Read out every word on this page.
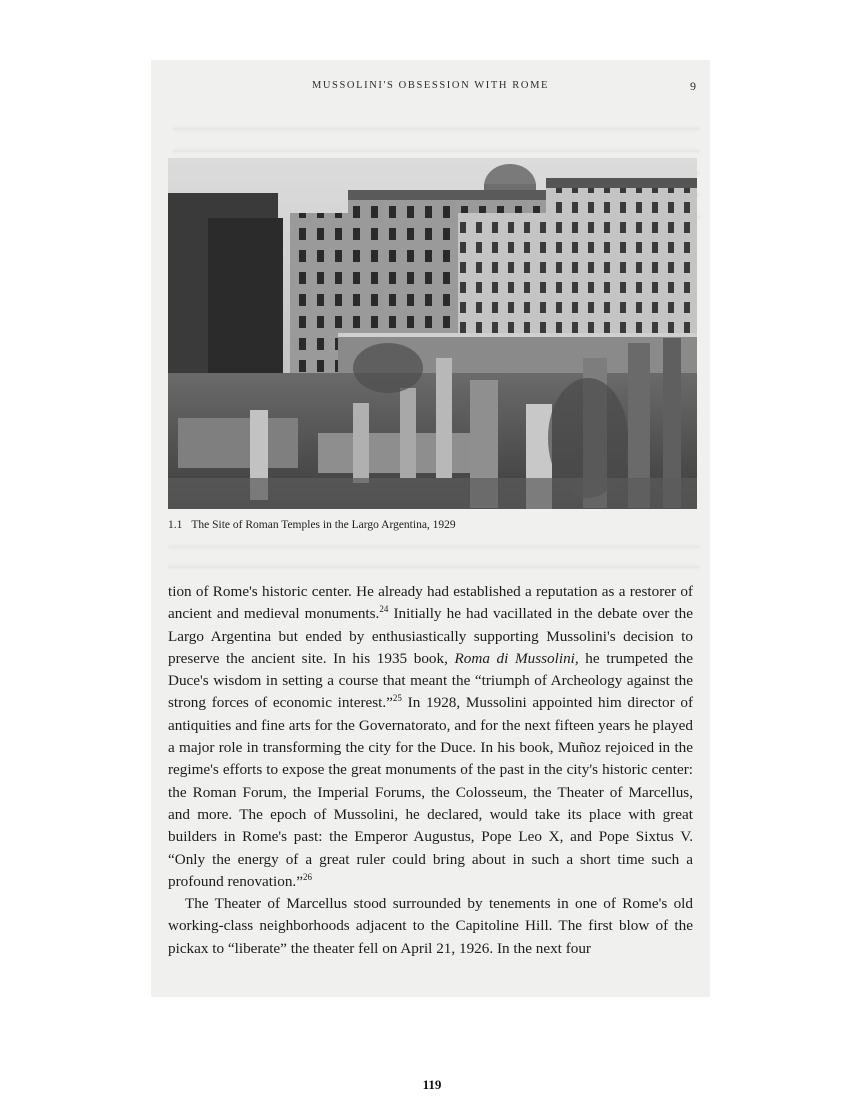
MUSSOLINI'S OBSESSION WITH ROME	9
1.1 The Site of Roman Temples in the Largo Argentina, 1929

tion of Rome's historic center. He already had established a reputation as a restorer of ancient and medieval monuments.$^{24}$ Initially he had vacillated in the debate over the Largo Argentina but ended by enthusiastically supporting Mussolini's decision to preserve the ancient site. In his 1935 book, Roma di Mussolini, he trumpeted the Duce's wisdom in setting a course that meant the “triumph of Archeology against the strong forces of economic interest.”$^{25}$ In 1928, Mussolini appointed him director of antiquities and fine arts for the Governatorato, and for the next fifteen years he played a major role in transforming the city for the Duce. In his book, Muñoz rejoiced in the regime's efforts to expose the great monuments of the past in the city's historic center: the Roman Forum, the Imperial Forums, the Colosseum, the Theater of Marcellus, and more. The epoch of Mussolini, he declared, would take its place with great builders in Rome's past: the Emperor Augustus, Pope Leo X, and Pope Sixtus V. “Only the energy of a great ruler could bring about in such a short time such a profound renovation.”$^{26}$

The Theater of Marcellus stood surrounded by tenements in one of Rome's old working-class neighborhoods adjacent to the Capitoline Hill. The first blow of the pickax to “liberate” the theater fell on April 21, 1926. In the next four

119
